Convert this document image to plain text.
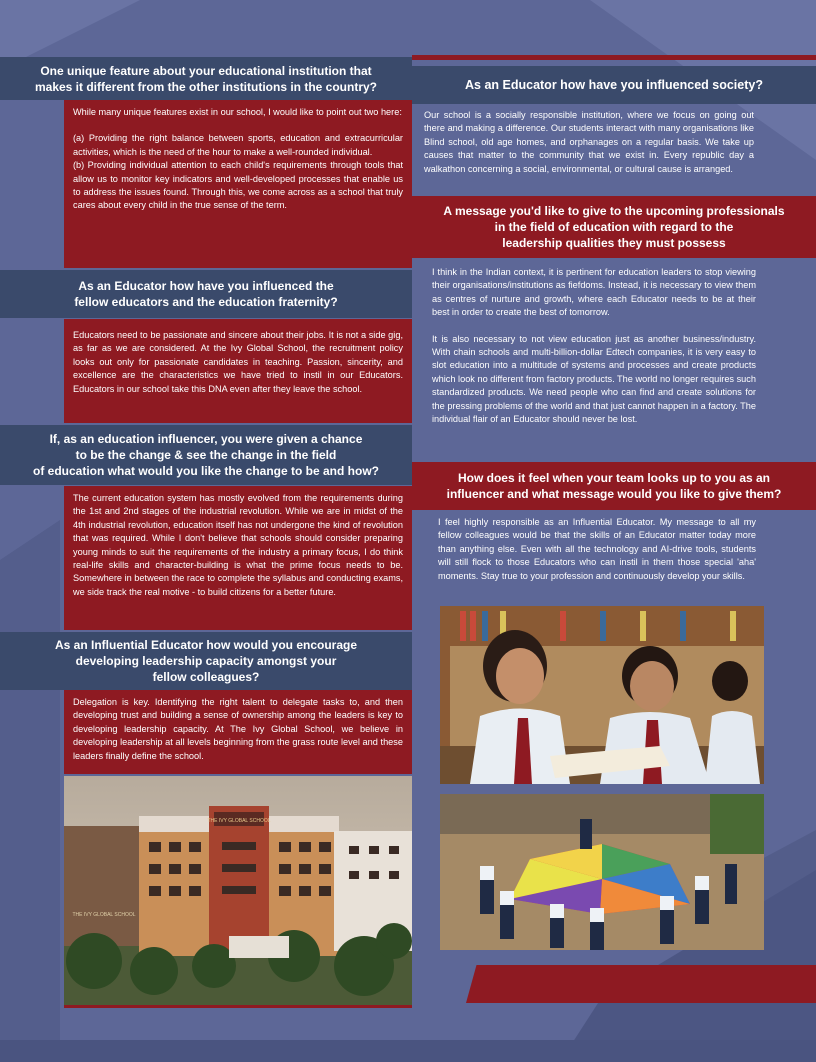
One unique feature about your educational institution that
makes it different from the other institutions in the country?

While many unique features exist in our school, I would like to point out two here:

(a) Providing the right balance between sports, education and extracurricular activities, which is the need of the hour to make a well-rounded individual.
(b) Providing individual attention to each child's requirements through tools that allow us to monitor key indicators and well-developed processes that enable us to address the issues found. Through this, we come across as a school that truly cares about every child in the true sense of the term.

As an Educator how have you influenced the
fellow educators and the education fraternity?

Educators need to be passionate and sincere about their jobs. It is not a side gig, as far as we are considered. At the Ivy Global School, the recruitment policy looks out only for passionate candidates in teaching. Passion, sincerity, and excellence are the characteristics we have tried to instil in our Educators. Educators in our school take this DNA even after they leave the school.

If, as an education influencer, you were given a chance
to be the change & see the change in the field
of education what would you like the change to be and how?

The current education system has mostly evolved from the requirements during the 1st and 2nd stages of the industrial revolution. While we are in midst of the 4th industrial revolution, education itself has not undergone the kind of revolution that was required. While I don't believe that schools should consider preparing young minds to suit the requirements of the industry a primary focus, I do think real-life skills and character-building is what the prime focus needs to be. Somewhere in between the race to complete the syllabus and conducting exams, we side track the real motive - to build citizens for a better future.

As an Influential Educator how would you encourage
developing leadership capacity amongst your
fellow colleagues?

Delegation is key. Identifying the right talent to delegate tasks to, and then developing trust and building a sense of ownership among the leaders is key to developing leadership capacity. At The Ivy Global School, we believe in developing leadership at all levels beginning from the grass route level and these leaders finally define the school.

THE IVY GLOBAL SCHOOL
THE IVY GLOBAL SCHOOL
As an Educator how have you influenced society?

Our school is a socially responsible institution, where we focus on going out there and making a difference. Our students interact with many organisations like Blind school, old age homes, and orphanages on a regular basis. We take up causes that matter to the community that we exist in. Every republic day a walkathon concerning a social, environmental, or cultural cause is arranged.

A message you'd like to give to the upcoming professionals
in the field of education with regard to the
leadership qualities they must possess

I think in the Indian context, it is pertinent for education leaders to stop viewing their organisations/institutions as fiefdoms. Instead, it is necessary to view them as centres of nurture and growth, where each Educator needs to be at their best in order to create the best of tomorrow.

It is also necessary to not view education just as another business/industry. With chain schools and multi-billion-dollar Edtech companies, it is very easy to slot education into a multitude of systems and processes and create products which look no different from factory products. The world no longer requires such standardized products. We need people who can find and create solutions for the pressing problems of the world and that just cannot happen in a factory. The individual flair of an Educator should never be lost.

How does it feel when your team looks up to you as an
influencer and what message would you like to give them?

I feel highly responsible as an Influential Educator. My message to all my fellow colleagues would be that the skills of an Educator matter today more than anything else. Even with all the technology and AI-drive tools, students will still flock to those Educators who can instil in them those special 'aha' moments. Stay true to your profession and continuously develop your skills.
